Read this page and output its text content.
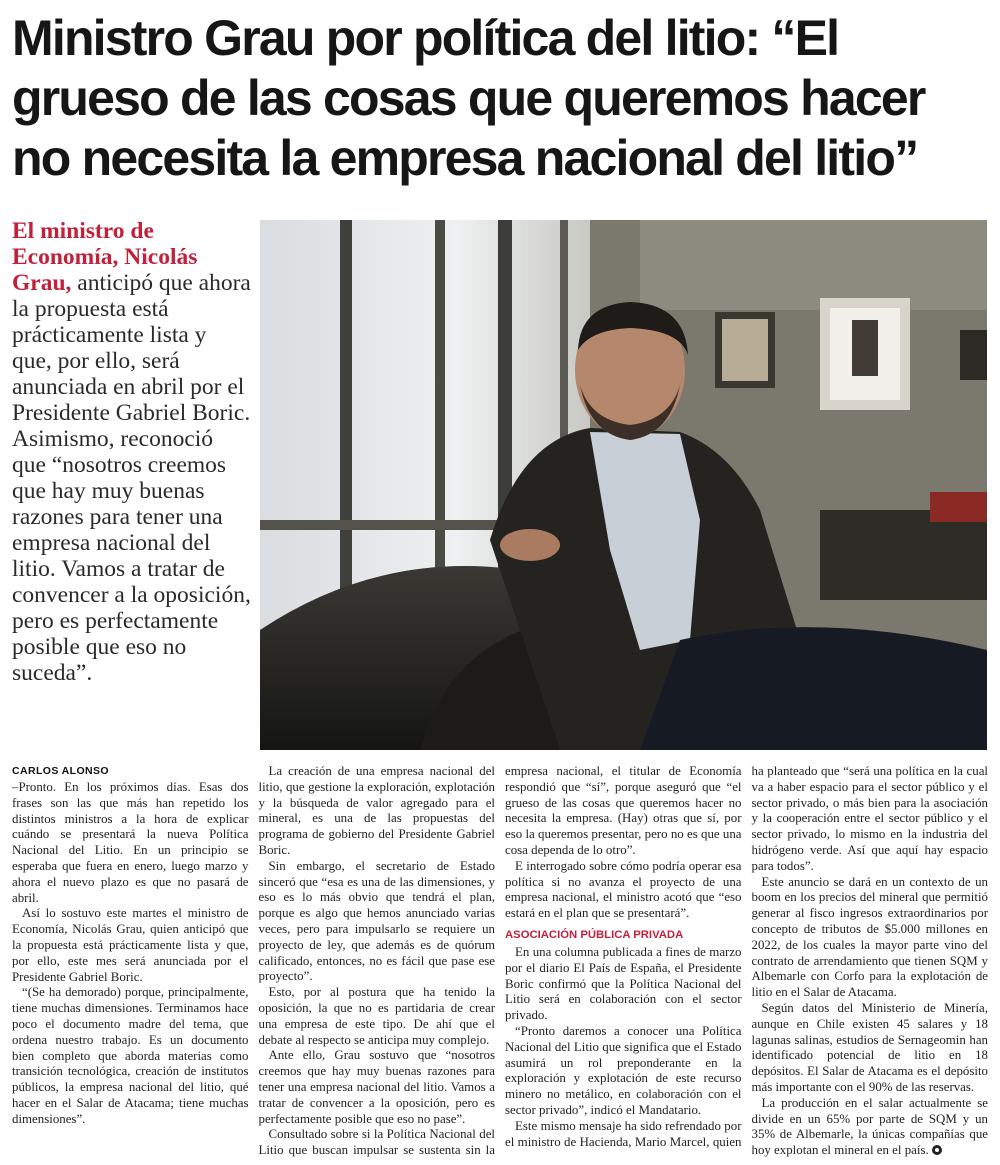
Ministro Grau por política del litio: “El grueso de las cosas que queremos hacer no necesita la empresa nacional del litio”

El ministro de Economía, Nicolás Grau, anticipó que ahora la propuesta está prácticamente lista y que, por ello, será anunciada en abril por el Presidente Gabriel Boric. Asimismo, reconoció que “nosotros creemos que hay muy buenas razones para tener una empresa nacional del litio. Vamos a tratar de convencer a la oposición, pero es perfectamente posible que eso no suceda”.

CARLOS ALONSO

–Pronto. En los próximos días. Esas dos frases son las que más han repetido los distintos ministros a la hora de explicar cuándo se presentará la nueva Política Nacional del Litio. En un principio se esperaba que fuera en enero, luego marzo y ahora el nuevo plazo es que no pasará de abril.

Así lo sostuvo este martes el ministro de Economía, Nicolás Grau, quien anticipó que la propuesta está prácticamente lista y que, por ello, este mes será anunciada por el Presidente Gabriel Boric.

“(Se ha demorado) porque, principalmente, tiene muchas dimensiones. Terminamos hace poco el documento madre del tema, que ordena nuestro trabajo. Es un documento bien completo que aborda materias como transición tecnológica, creación de institutos públicos, la empresa nacional del litio, qué hacer en el Salar de Atacama; tiene muchas dimensiones”.

La creación de una empresa nacional del litio, que gestione la exploración, explotación y la búsqueda de valor agregado para el mineral, es una de las propuestas del programa de gobierno del Presidente Gabriel Boric.

Sin embargo, el secretario de Estado sinceró que “esa es una de las dimensiones, y eso es lo más obvio que tendrá el plan, porque es algo que hemos anunciado varias veces, pero para impulsarlo se requiere un proyecto de ley, que además es de quórum calificado, entonces, no es fácil que pase ese proyecto”.

Esto, por al postura que ha tenido la oposición, la que no es partidaria de crear una empresa de este tipo. De ahí que el debate al respecto se anticipa muy complejo.

Ante ello, Grau sostuvo que “nosotros creemos que hay muy buenas razones para tener una empresa nacional del litio. Vamos a tratar de convencer a la oposición, pero es perfectamente posible que eso no pase”.

Consultado sobre si la Política Nacional del Litio que buscan impulsar se sustenta sin la empresa nacional, el titular de Economía respondió que “sí”, porque aseguró que “el grueso de las cosas que queremos hacer no necesita la empresa. (Hay) otras que sí, por eso la queremos presentar, pero no es que una cosa dependa de lo otro”.

E interrogado sobre cómo podría operar esa política si no avanza el proyecto de una empresa nacional, el ministro acotó que “eso estará en el plan que se presentará”.

ASOCIACIÓN PÚBLICA PRIVADA

En una columna publicada a fines de marzo por el diario El País de España, el Presidente Boric confirmó que la Política Nacional del Litio será en colaboración con el sector privado.

“Pronto daremos a conocer una Política Nacional del Litio que significa que el Estado asumirá un rol preponderante en la exploración y explotación de este recurso minero no metálico, en colaboración con el sector privado”, indicó el Mandatario.

Este mismo mensaje ha sido refrendado por el ministro de Hacienda, Mario Marcel, quien ha planteado que “será una política en la cual va a haber espacio para el sector público y el sector privado, o más bien para la asociación y la cooperación entre el sector público y el sector privado, lo mismo en la industria del hidrógeno verde. Así que aquí hay espacio para todos”.

Este anuncio se dará en un contexto de un boom en los precios del mineral que permitió generar al fisco ingresos extraordinarios por concepto de tributos de $5.000 millones en 2022, de los cuales la mayor parte vino del contrato de arrendamiento que tienen SQM y Albemarle con Corfo para la explotación de litio en el Salar de Atacama.

Según datos del Ministerio de Minería, aunque en Chile existen 45 salares y 18 lagunas salinas, estudios de Sernageomin han identificado potencial de litio en 18 depósitos. El Salar de Atacama es el depósito más importante con el 90% de las reservas.

La producción en el salar actualmente se divide en un 65% por parte de SQM y un 35% de Albemarle, la únicas compañías que hoy explotan el mineral en el país.
